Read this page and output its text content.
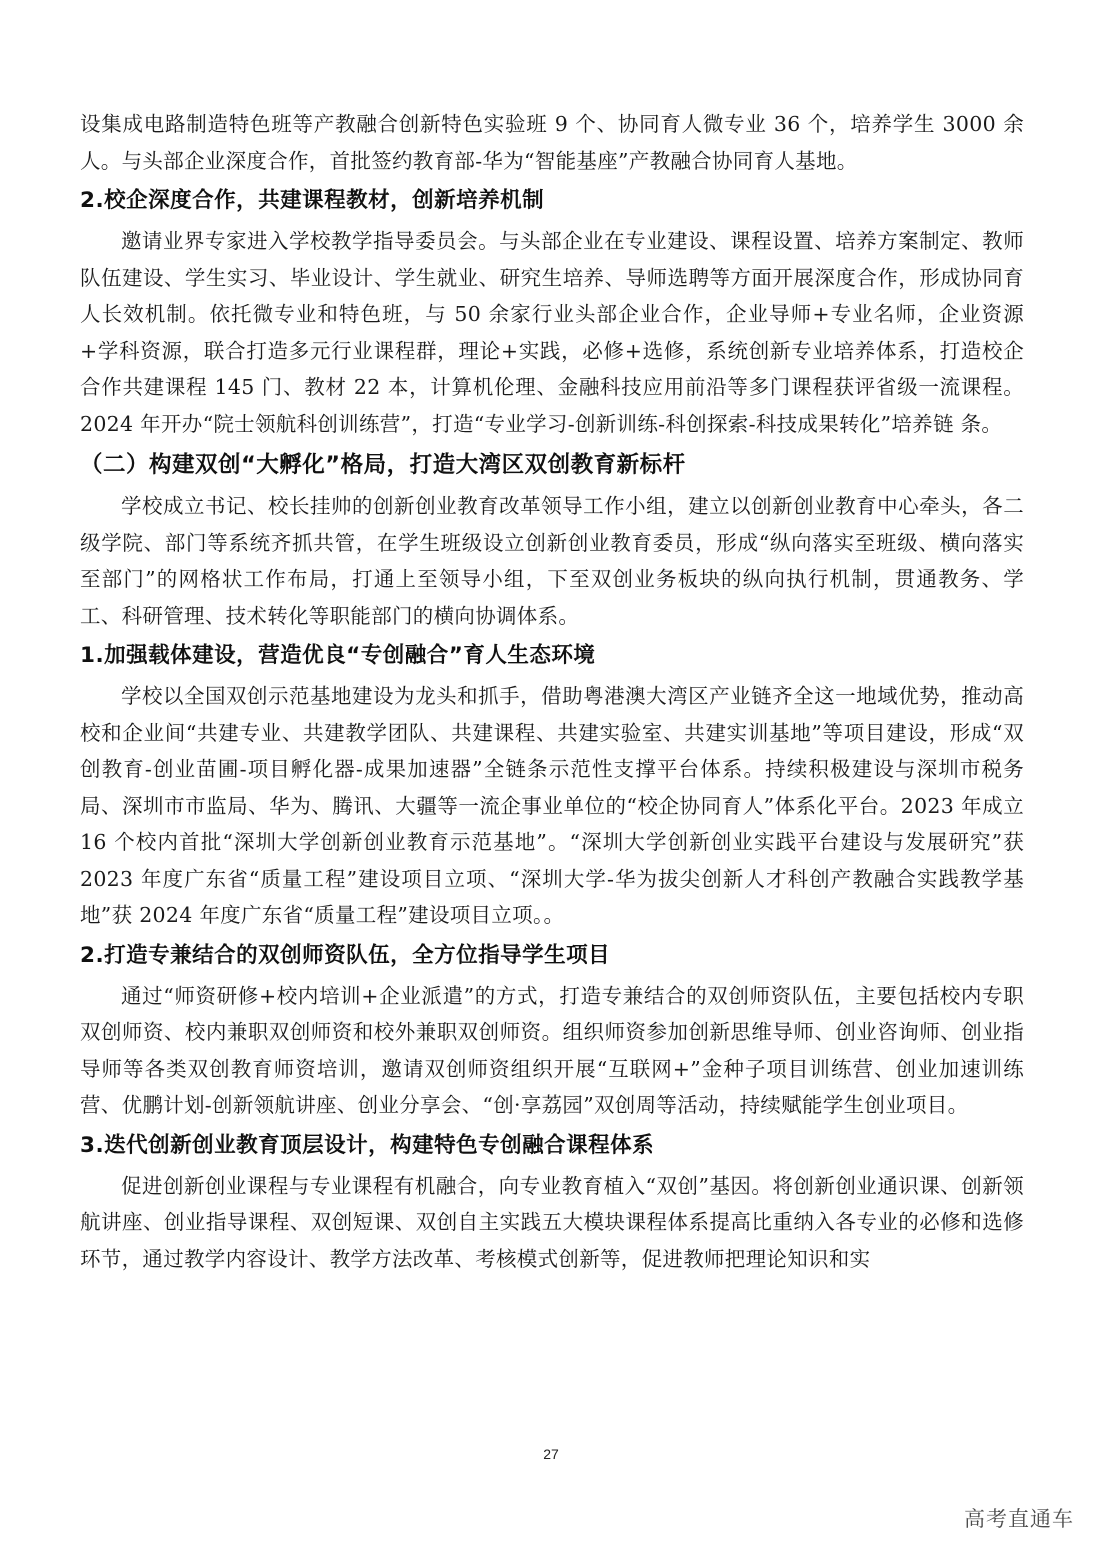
设集成电路制造特色班等产教融合创新特色实验班 9 个、协同育人微专业 36 个，培养学生 3000 余人。与头部企业深度合作，首批签约教育部-华为“智能基座”产教融合协同育人基地。

2.校企深度合作，共建课程教材，创新培养机制

邀请业界专家进入学校教学指导委员会。与头部企业在专业建设、课程设置、培养方案制定、教师队伍建设、学生实习、毕业设计、学生就业、研究生培养、导师选聘等方面开展深度合作，形成协同育人长效机制。依托微专业和特色班，与 50 余家行业头部企业合作，企业导师+专业名师，企业资源+学科资源，联合打造多元行业课程群，理论+实践，必修+选修，系统创新专业培养体系，打造校企合作共建课程 145 门、教材 22 本，计算机伦理、金融科技应用前沿等多门课程获评省级一流课程。2024 年开办“院士领航科创训练营”，打造“专业学习-创新训练-科创探索-科技成果转化”培养链 条。

（二）构建双创“大孵化”格局，打造大湾区双创教育新标杆

学校成立书记、校长挂帅的创新创业教育改革领导工作小组，建立以创新创业教育中心牵头，各二级学院、部门等系统齐抓共管，在学生班级设立创新创业教育委员，形成“纵向落实至班级、横向落实至部门”的网格状工作布局，打通上至领导小组，下至双创业务板块的纵向执行机制，贯通教务、学工、科研管理、技术转化等职能部门的横向协调体系。

1.加强载体建设，营造优良“专创融合”育人生态环境

学校以全国双创示范基地建设为龙头和抓手，借助粤港澳大湾区产业链齐全这一地域优势，推动高校和企业间“共建专业、共建教学团队、共建课程、共建实验室、共建实训基地”等项目建设，形成“双创教育-创业苗圃-项目孵化器-成果加速器”全链条示范性支撑平台体系。持续积极建设与深圳市税务局、深圳市市监局、华为、腾讯、大疆等一流企事业单位的“校企协同育人”体系化平台。2023 年成立 16 个校内首批“深圳大学创新创业教育示范基地”。“深圳大学创新创业实践平台建设与发展研究”获 2023 年度广东省“质量工程”建设项目立项、“深圳大学-华为拔尖创新人才科创产教融合实践教学基地”获 2024 年度广东省“质量工程”建设项目立项。。

2.打造专兼结合的双创师资队伍，全方位指导学生项目

通过“师资研修+校内培训+企业派遣”的方式，打造专兼结合的双创师资队伍，主要包括校内专职双创师资、校内兼职双创师资和校外兼职双创师资。组织师资参加创新思维导师、创业咨询师、创业指导师等各类双创教育师资培训，邀请双创师资组织开展“互联网+”金种子项目训练营、创业加速训练营、优鹏计划-创新领航讲座、创业分享会、“创·享荔园”双创周等活动，持续赋能学生创业项目。

3.迭代创新创业教育顶层设计，构建特色专创融合课程体系

促进创新创业课程与专业课程有机融合，向专业教育植入“双创”基因。将创新创业通识课、创新领航讲座、创业指导课程、双创短课、双创自主实践五大模块课程体系提高比重纳入各专业的必修和选修环节，通过教学内容设计、教学方法改革、考核模式创新等，促进教师把理论知识和实

27
高考直通车
